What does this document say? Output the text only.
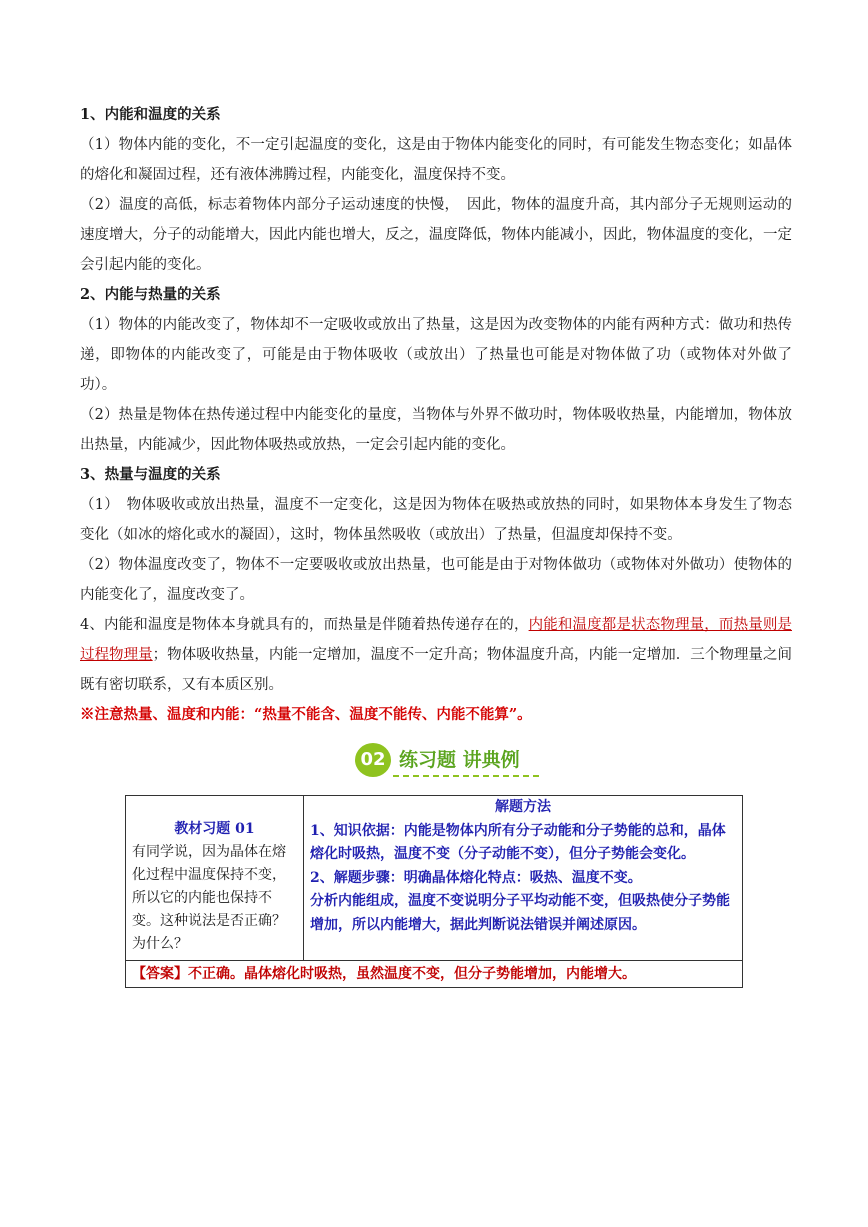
1、内能和温度的关系

（1）物体内能的变化，不一定引起温度的变化，这是由于物体内能变化的同时，有可能发生物态变化；如晶体的熔化和凝固过程，还有液体沸腾过程，内能变化，温度保持不变。

（2）温度的高低，标志着物体内部分子运动速度的快慢，　因此，物体的温度升高，其内部分子无规则运动的速度增大，分子的动能增大，因此内能也增大，反之，温度降低，物体内能减小，因此，物体温度的变化，一定会引起内能的变化。

2、内能与热量的关系

（1）物体的内能改变了，物体却不一定吸收或放出了热量，这是因为改变物体的内能有两种方式：做功和热传递，即物体的内能改变了，可能是由于物体吸收（或放出）了热量也可能是对物体做了功（或物体对外做了功）。

（2）热量是物体在热传递过程中内能变化的量度，当物体与外界不做功时，物体吸收热量，内能增加，物体放出热量，内能减少，因此物体吸热或放热，一定会引起内能的变化。

3、热量与温度的关系

（1）　物体吸收或放出热量，温度不一定变化，这是因为物体在吸热或放热的同时，如果物体本身发生了物态变化（如冰的熔化或水的凝固），这时，物体虽然吸收（或放出）了热量，但温度却保持不变。

（2）物体温度改变了，物体不一定要吸收或放出热量，也可能是由于对物体做功（或物体对外做功）使物体的内能变化了，温度改变了。

4、内能和温度是物体本身就具有的，而热量是伴随着热传递存在的，内能和温度都是状态物理量，而热量则是过程物理量；物体吸收热量，内能一定增加，温度不一定升高；物体温度升高，内能一定增加．三个物理量之间既有密切联系，又有本质区别。

※注意热量、温度和内能：“热量不能含、温度不能传、内能不能算”。

02 练习题 讲典例
教材习题 01
有同学说，因为晶体在熔化过程中温度保持不变，所以它的内能也保持不变。这种说法是否正确？为什么？

解题方法
1、知识依据：内能是物体内所有分子动能和分子势能的总和，晶体熔化时吸热，温度不变（分子动能不变），但分子势能会变化。
2、解题步骤：明确晶体熔化特点：吸热、温度不变。
分析内能组成，温度不变说明分子平均动能不变，但吸热使分子势能增加，所以内能增大，据此判断说法错误并阐述原因。

【答案】不正确。晶体熔化时吸热，虽然温度不变，但分子势能增加，内能增大。
